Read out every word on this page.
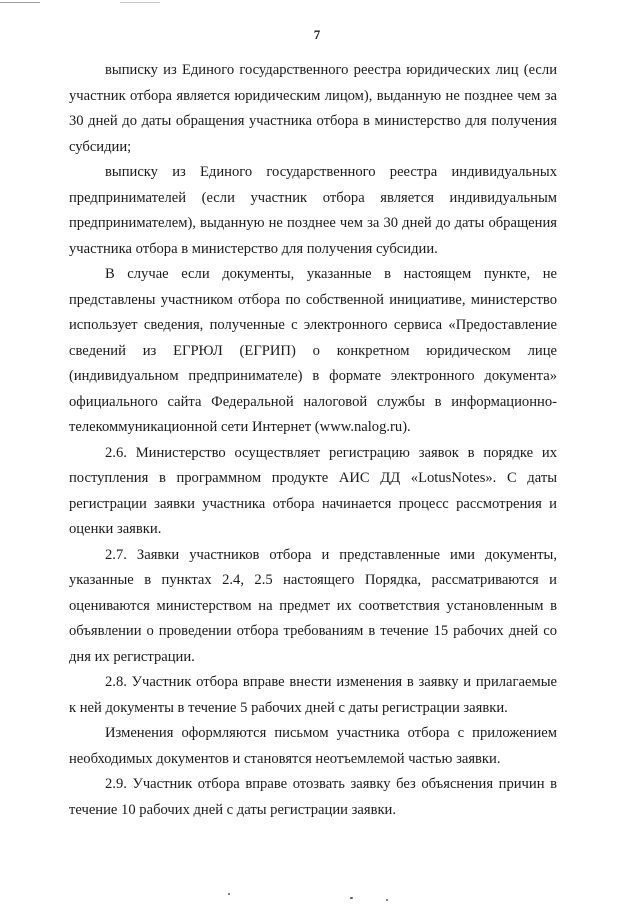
7

выписку из Единого государственного реестра юридических лиц (если участник отбора является юридическим лицом), выданную не позднее чем за 30 дней до даты обращения участника отбора в министерство для получения субсидии;

выписку из Единого государственного реестра индивидуальных предпринимателей (если участник отбора является индивидуальным предпринимателем), выданную не позднее чем за 30 дней до даты обращения участника отбора в министерство для получения субсидии.

В случае если документы, указанные в настоящем пункте, не представлены участником отбора по собственной инициативе, министерство использует сведения, полученные с электронного сервиса «Предоставление сведений из ЕГРЮЛ (ЕГРИП) о конкретном юридическом лице (индивидуальном предпринимателе) в формате электронного документа» официального сайта Федеральной налоговой службы в информационно-телекоммуникационной сети Интернет (www.nalog.ru).

2.6. Министерство осуществляет регистрацию заявок в порядке их поступления в программном продукте АИС ДД «LotusNotes». С даты регистрации заявки участника отбора начинается процесс рассмотрения и оценки заявки.

2.7. Заявки участников отбора и представленные ими документы, указанные в пунктах 2.4, 2.5 настоящего Порядка, рассматриваются и оцениваются министерством на предмет их соответствия установленным в объявлении о проведении отбора требованиям в течение 15 рабочих дней со дня их регистрации.

2.8. Участник отбора вправе внести изменения в заявку и прилагаемые к ней документы в течение 5 рабочих дней с даты регистрации заявки.

Изменения оформляются письмом участника отбора с приложением необходимых документов и становятся неотъемлемой частью заявки.

2.9. Участник отбора вправе отозвать заявку без объяснения причин в течение 10 рабочих дней с даты регистрации заявки.
